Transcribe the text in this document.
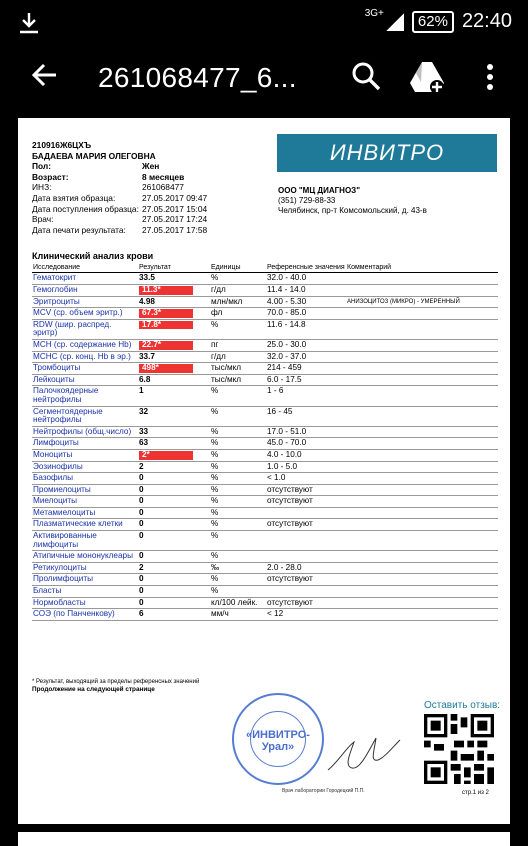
3G+	62% 22:40
261068477_6...
210916Ж6ЦХЪ
БАДАЕВА МАРИЯ ОЛЕГОВНА
Пол:	Жен
Возраст:	8 месяцев
ИНЗ:	261068477
Дата взятия образца:	27.05.2017 09:47
Дата поступления образца: 27.05.2017 15:04
Врач:	27.05.2017 17:24
Дата печати результата:	27.05.2017 17:58
ИНВИТРО
ООО "МЦ ДИАГНОЗ"
(351) 729-88-33
Челябинск, пр-т Комсомольский, д. 43-в
Клинический анализ крови
Исследование	Результат	Единицы	Референсные значения	Комментарий
Гематокрит	33.5	%	32.0 - 40.0	
Гемоглобин	11.3*	г/дл	11.4 - 14.0	
Эритроциты	4.98	млн/мкл	4.00 - 5.30	АНИЗОЦИТОЗ (МИКРО) - УМЕРЕННЫЙ
MCV (ср. объем эритр.)	67.3*	фл	70.0 - 85.0	
RDW (шир. распред. эритр)	17.8*	%	11.6 - 14.8	
MCH (ср. содержание Hb)	22.7*	пг	25.0 - 30.0	
MCHC (ср. конц. Hb в эр.)	33.7	г/дл	32.0 - 37.0	
Тромбоциты	498*	тыс/мкл	214 - 459	
Лейкоциты	6.8	тыс/мкл	6.0 - 17.5	
Палочкоядерные нейтрофилы	1	%	1 - 6	
Сегментоядерные нейтрофилы	32	%	16 - 45	
Нейтрофилы (общ.число)	33	%	17.0 - 51.0	
Лимфоциты	63	%	45.0 - 70.0	
Моноциты	2*	%	4.0 - 10.0	
Эозинофилы	2	%	1.0 - 5.0	
Базофилы	0	%	< 1.0	
Промиелоциты	0	%	отсутствуют	
Миелоциты	0	%	отсутствуют	
Метамиелоциты	0	%		
Плазматические клетки	0	%	отсутствуют	
Активированные лимфоциты	0	%		
Атипичные мононуклеары	0	%		
Ретикулоциты	2	‰	2.0 - 28.0	
Пролимфоциты	0	%	отсутствуют	
Бласты	0	%		
Нормобласты	0	кл/100 лейк.	отсутствуют	
СОЭ (по Панченкову)	6	мм/ч	< 12	
* Результат, выходящий за пределы референсных значений
Продолжение на следующей странице
«ИНВИТРО-Урал»
Врач лаборатории Городецкий П.П.
Оставить отзыв:
стр.1 из 2
